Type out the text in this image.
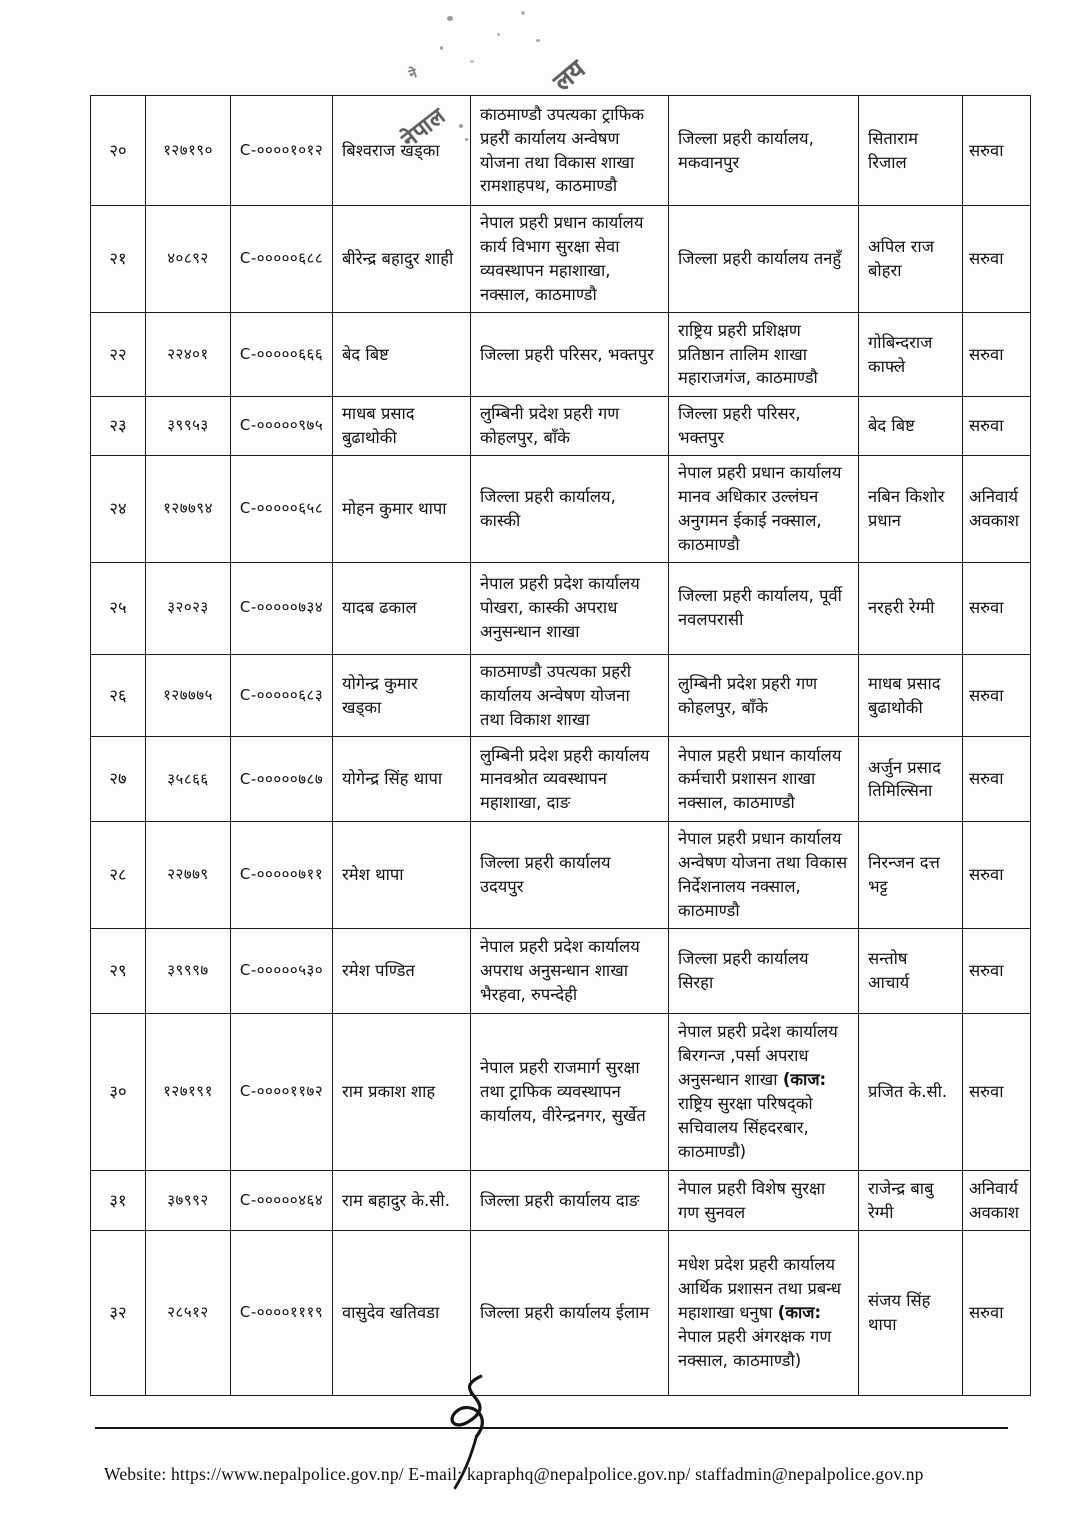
ने
नेपाल
लय
२०	१२७१९०	C-००००१०१२	बिश्वराज खड्का	काठमाण्डौ उपत्यका ट्राफिक प्रहरी कार्यालय अन्वेषण योजना तथा विकास शाखा रामशाहपथ, काठमाण्डौ	जिल्ला प्रहरी कार्यालय, मकवानपुर	सिताराम रिजाल	सरुवा
२१	४०८९२	C-०००००६८८	बीरेन्द्र बहादुर शाही	नेपाल प्रहरी प्रधान कार्यालय कार्य विभाग सुरक्षा सेवा व्यवस्थापन महाशाखा, नक्साल, काठमाण्डौ	जिल्ला प्रहरी कार्यालय तनहुँ	अपिल राज बोहरा	सरुवा
२२	२२४०१	C-०००००६६६	बेद बिष्ट	जिल्ला प्रहरी परिसर, भक्तपुर	राष्ट्रिय प्रहरी प्रशिक्षण प्रतिष्ठान तालिम शाखा महाराजगंज, काठमाण्डौ	गोबिन्दराज काफ्ले	सरुवा
२३	३९९५३	C-०००००९७५	माधब प्रसाद बुढाथोकी	लुम्बिनी प्रदेश प्रहरी गण कोहलपुर, बाँके	जिल्ला प्रहरी परिसर, भक्तपुर	बेद बिष्ट	सरुवा
२४	१२७७९४	C-०००००६५८	मोहन कुमार थापा	जिल्ला प्रहरी कार्यालय, कास्की	नेपाल प्रहरी प्रधान कार्यालय मानव अधिकार उल्लंघन अनुगमन ईकाई नक्साल, काठमाण्डौ	नबिन किशोर प्रधान	अनिवार्य अवकाश
२५	३२०२३	C-०००००७३४	यादब ढकाल	नेपाल प्रहरी प्रदेश कार्यालय पोखरा, कास्की अपराध अनुसन्धान शाखा	जिल्ला प्रहरी कार्यालय, पूर्वी नवलपरासी	नरहरी रेग्मी	सरुवा
२६	१२७७७५	C-०००००६८३	योगेन्द्र कुमार खड्का	काठमाण्डौ उपत्यका प्रहरी कार्यालय अन्वेषण योजना तथा विकाश शाखा	लुम्बिनी प्रदेश प्रहरी गण कोहलपुर, बाँके	माधब प्रसाद बुढाथोकी	सरुवा
२७	३५८६६	C-०००००७८७	योगेन्द्र सिंह थापा	लुम्बिनी प्रदेश प्रहरी कार्यालय मानवश्रोत व्यवस्थापन महाशाखा, दाङ	नेपाल प्रहरी प्रधान कार्यालय कर्मचारी प्रशासन शाखा नक्साल, काठमाण्डौ	अर्जुन प्रसाद तिमिल्सिना	सरुवा
२८	२२७७९	C-०००००७११	रमेश थापा	जिल्ला प्रहरी कार्यालय उदयपुर	नेपाल प्रहरी प्रधान कार्यालय अन्वेषण योजना तथा विकास निर्देशनालय नक्साल, काठमाण्डौ	निरन्जन दत्त भट्ट	सरुवा
२९	३९९९७	C-०००००५३०	रमेश पण्डित	नेपाल प्रहरी प्रदेश कार्यालय अपराध अनुसन्धान शाखा भैरहवा, रुपन्देही	जिल्ला प्रहरी कार्यालय सिरहा	सन्तोष आचार्य	सरुवा
३०	१२७१९१	C-००००११७२	राम प्रकाश शाह	नेपाल प्रहरी राजमार्ग सुरक्षा तथा ट्राफिक व्यवस्थापन कार्यालय, वीरेन्द्रनगर, सुर्खेत	नेपाल प्रहरी प्रदेश कार्यालय बिरगन्ज ,पर्सा अपराध अनुसन्धान शाखा (काज: राष्ट्रिय सुरक्षा परिषद्को सचिवालय सिंहदरबार, काठमाण्डौ)	प्रजित के.सी.	सरुवा
३१	३७९९२	C-०००००४६४	राम बहादुर के.सी.	जिल्ला प्रहरी कार्यालय दाङ	नेपाल प्रहरी विशेष सुरक्षा गण सुनवल	राजेन्द्र बाबु रेग्मी	अनिवार्य अवकाश
३२	२८५१२	C-००००१११९	वासुदेव खतिवडा	जिल्ला प्रहरी कार्यालय ईलाम	मधेश प्रदेश प्रहरी कार्यालय आर्थिक प्रशासन तथा प्रबन्ध महाशाखा धनुषा (काज: नेपाल प्रहरी अंगरक्षक गण नक्साल, काठमाण्डौ)	संजय सिंह थापा	सरुवा
Website: https://www.nepalpolice.gov.np/ E-mail: kapraphq@nepalpolice.gov.np/ staffadmin@nepalpolice.gov.np
